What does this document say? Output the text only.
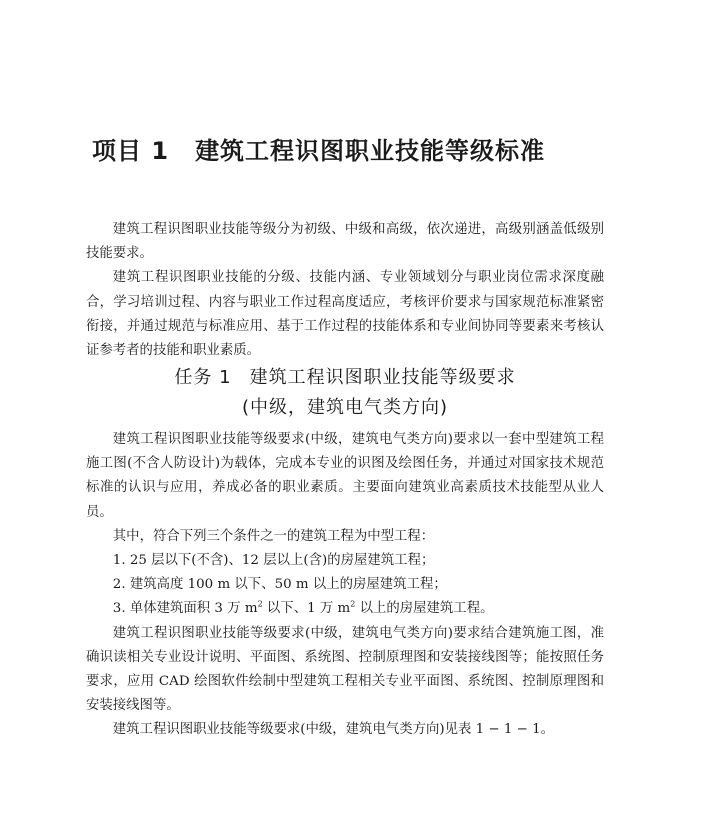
项目 1 建筑工程识图职业技能等级标准

建筑工程识图职业技能等级分为初级、中级和高级，依次递进，高级别涵盖低级别技能要求。

建筑工程识图职业技能的分级、技能内涵、专业领域划分与职业岗位需求深度融合，学习培训过程、内容与职业工作过程高度适应，考核评价要求与国家规范标准紧密衔接，并通过规范与标准应用、基于工作过程的技能体系和专业间协同等要素来考核认证参考者的技能和职业素质。

任务 1 建筑工程识图职业技能等级要求
(中级，建筑电气类方向)

建筑工程识图职业技能等级要求(中级，建筑电气类方向)要求以一套中型建筑工程施工图(不含人防设计)为载体，完成本专业的识图及绘图任务，并通过对国家技术规范标准的认识与应用，养成必备的职业素质。主要面向建筑业高素质技术技能型从业人员。

其中，符合下列三个条件之一的建筑工程为中型工程：

1. 25 层以下(不含)、12 层以上(含)的房屋建筑工程；

2. 建筑高度 100 m 以下、50 m 以上的房屋建筑工程；

3. 单体建筑面积 3 万 $m^2$ 以下、1 万 $m^2$ 以上的房屋建筑工程。

建筑工程识图职业技能等级要求(中级，建筑电气类方向)要求结合建筑施工图，准确识读相关专业设计说明、平面图、系统图、控制原理图和安装接线图等；能按照任务要求，应用 CAD 绘图软件绘制中型建筑工程相关专业平面图、系统图、控制原理图和安装接线图等。

建筑工程识图职业技能等级要求(中级，建筑电气类方向)见表 1 − 1 − 1。
